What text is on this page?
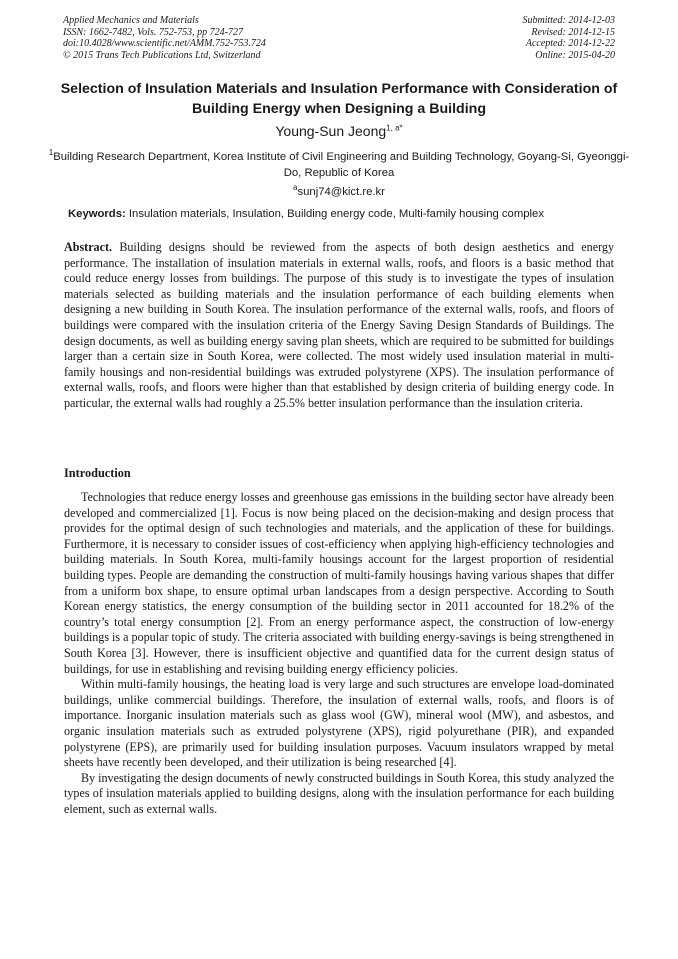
Applied Mechanics and Materials
ISSN: 1662-7482, Vols. 752-753, pp 724-727
doi:10.4028/www.scientific.net/AMM.752-753.724
© 2015 Trans Tech Publications Ltd, Switzerland
Submitted: 2014-12-03
Revised: 2014-12-15
Accepted: 2014-12-22
Online: 2015-04-20
Selection of Insulation Materials and Insulation Performance with Consideration of Building Energy when Designing a Building
Young-Sun Jeong$^{1, a*}$
$^1$Building Research Department, Korea Institute of Civil Engineering and Building Technology, Goyang-Si, Gyeonggi-Do, Republic of Korea
$^a$sunj74@kict.re.kr
Keywords: Insulation materials, Insulation, Building energy code, Multi-family housing complex
Abstract. Building designs should be reviewed from the aspects of both design aesthetics and energy performance. The installation of insulation materials in external walls, roofs, and floors is a basic method that could reduce energy losses from buildings. The purpose of this study is to investigate the types of insulation materials selected as building materials and the insulation performance of each building elements when designing a new building in South Korea. The insulation performance of the external walls, roofs, and floors of buildings were compared with the insulation criteria of the Energy Saving Design Standards of Buildings. The design documents, as well as building energy saving plan sheets, which are required to be submitted for buildings larger than a certain size in South Korea, were collected. The most widely used insulation material in multi-family housings and non-residential buildings was extruded polystyrene (XPS). The insulation performance of external walls, roofs, and floors were higher than that established by design criteria of building energy code. In particular, the external walls had roughly a 25.5% better insulation performance than the insulation criteria.
Introduction

Technologies that reduce energy losses and greenhouse gas emissions in the building sector have already been developed and commercialized [1]. Focus is now being placed on the decision-making and design process that provides for the optimal design of such technologies and materials, and the application of these for buildings. Furthermore, it is necessary to consider issues of cost-efficiency when applying high-efficiency technologies and building materials. In South Korea, multi-family housings account for the largest proportion of residential building types. People are demanding the construction of multi-family housings having various shapes that differ from a uniform box shape, to ensure optimal urban landscapes from a design perspective. According to South Korean energy statistics, the energy consumption of the building sector in 2011 accounted for 18.2% of the country’s total energy consumption [2]. From an energy performance aspect, the construction of low-energy buildings is a popular topic of study. The criteria associated with building energy-savings is being strengthened in South Korea [3]. However, there is insufficient objective and quantified data for the current design status of buildings, for use in establishing and revising building energy efficiency policies.

Within multi-family housings, the heating load is very large and such structures are envelope load-dominated buildings, unlike commercial buildings. Therefore, the insulation of external walls, roofs, and floors is of importance. Inorganic insulation materials such as glass wool (GW), mineral wool (MW), and asbestos, and organic insulation materials such as extruded polystyrene (XPS), rigid polyurethane (PIR), and expanded polystyrene (EPS), are primarily used for building insulation purposes. Vacuum insulators wrapped by metal sheets have recently been developed, and their utilization is being researched [4].

By investigating the design documents of newly constructed buildings in South Korea, this study analyzed the types of insulation materials applied to building designs, along with the insulation performance for each building element, such as external walls.
